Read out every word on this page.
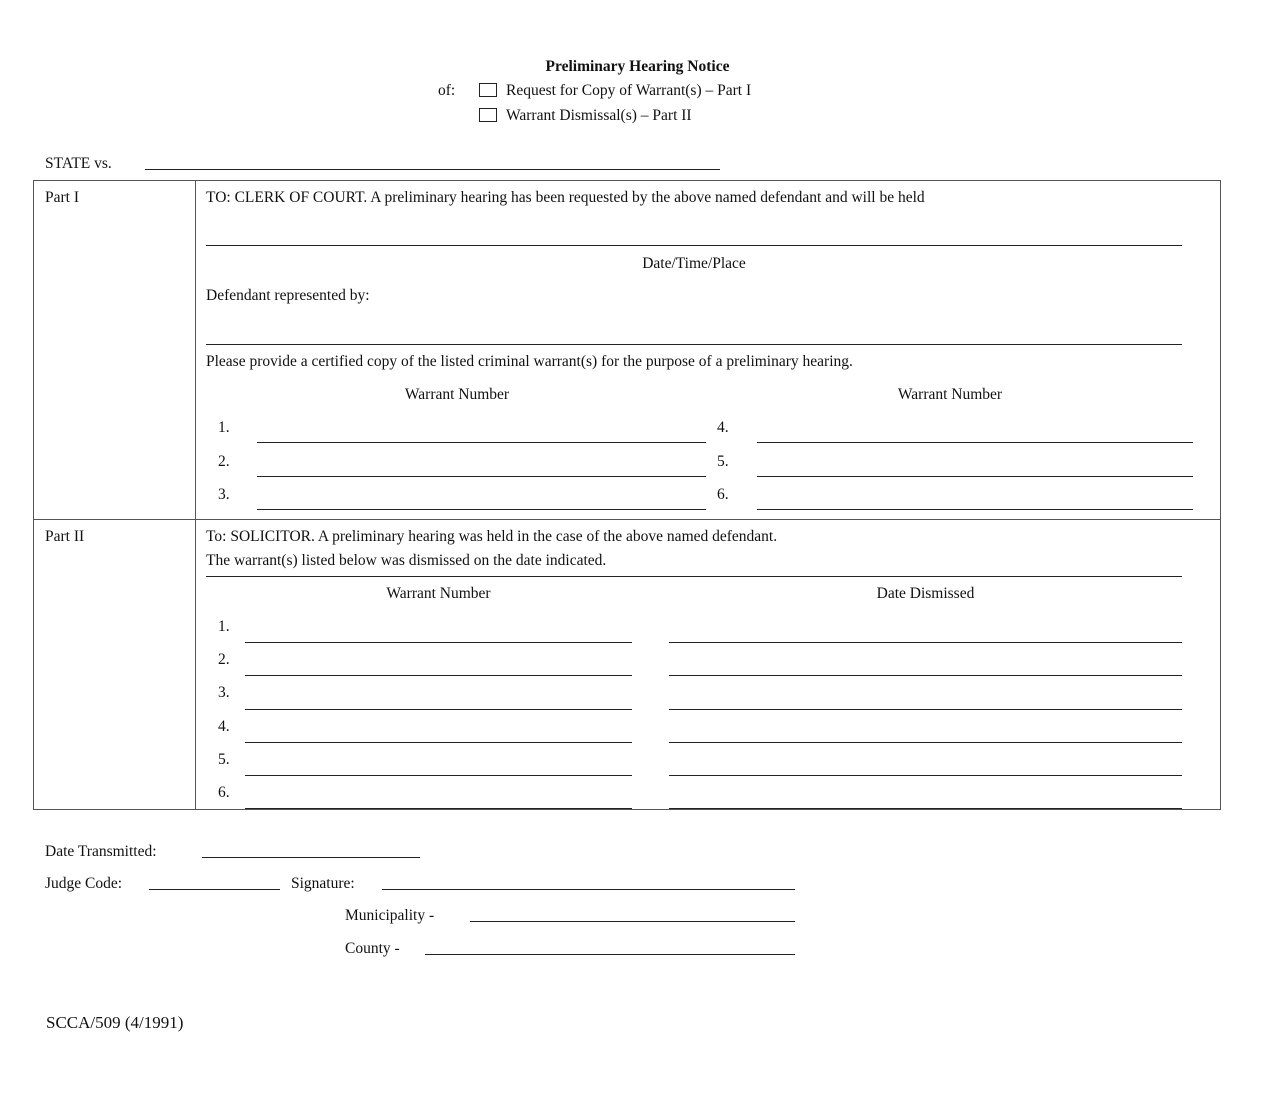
Preliminary Hearing Notice
of:	Request for Copy of Warrant(s) – Part I
Warrant Dismissal(s) – Part II
STATE vs.
Part I	TO: CLERK OF COURT. A preliminary hearing has been requested by the above named defendant and will be held
Date/Time/Place
Defendant represented by:
Please provide a certified copy of the listed criminal warrant(s) for the purpose of a preliminary hearing.
Warrant Number	Warrant Number
1.
2.
3.
4.
5.
6.
Part II	To: SOLICITOR. A preliminary hearing was held in the case of the above named defendant.
The warrant(s) listed below was dismissed on the date indicated.
Warrant Number	Date Dismissed
1.
2.
3.
4.
5.
6.
Date Transmitted:
Judge Code:	Signature:
Municipality -
County -
SCCA/509 (4/1991)
